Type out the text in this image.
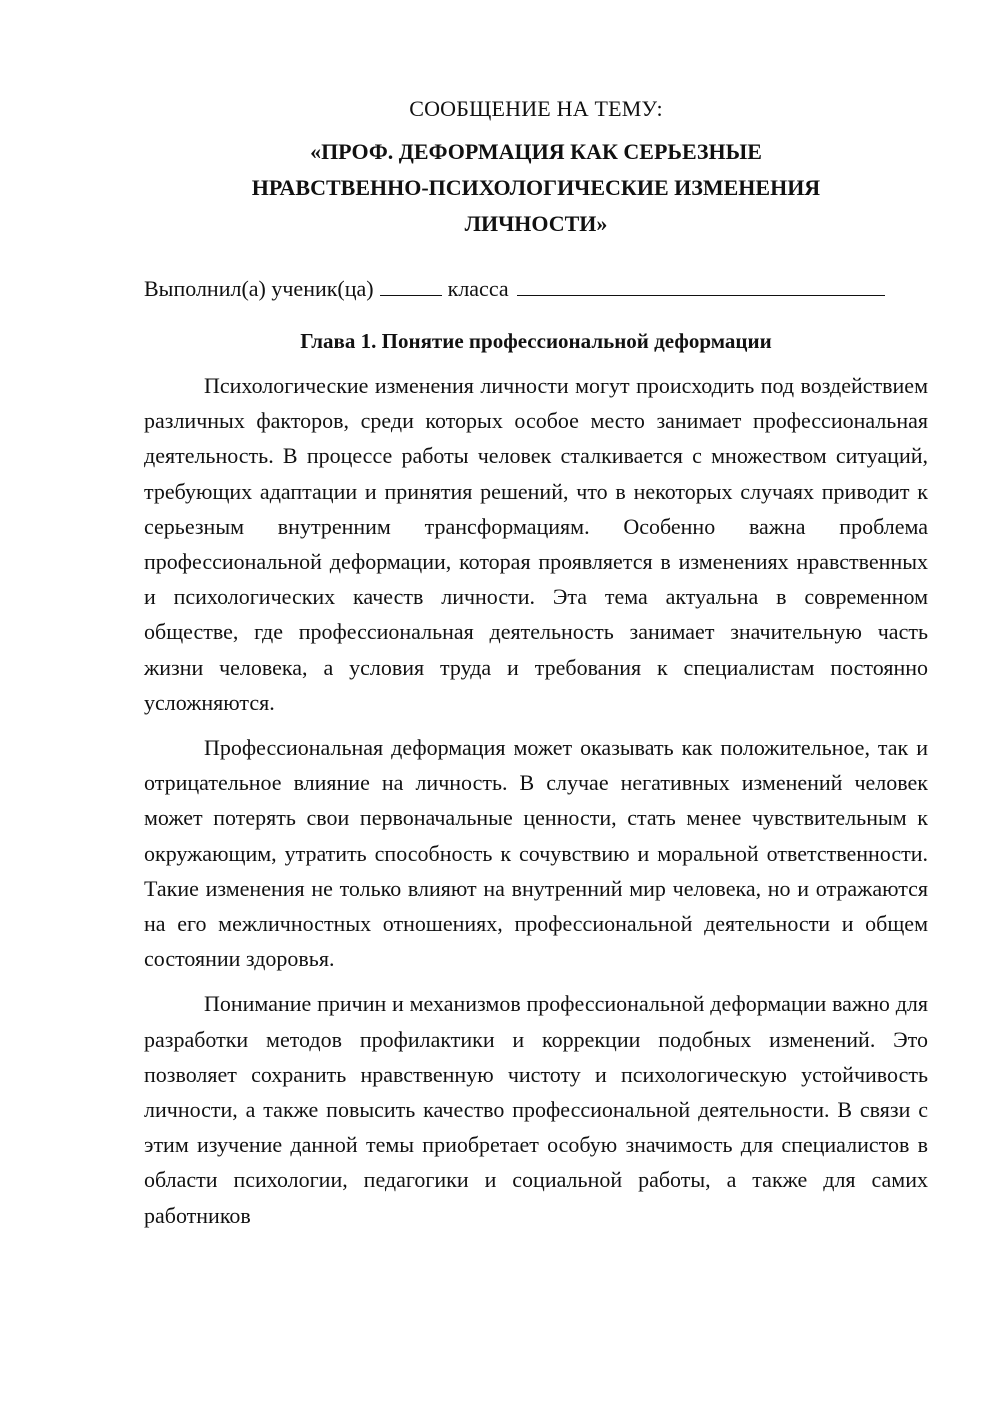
СООБЩЕНИЕ НА ТЕМУ:
«ПРОФ. ДЕФОРМАЦИЯ КАК СЕРЬЕЗНЫЕ
НРАВСТВЕННО-ПСИХОЛОГИЧЕСКИЕ ИЗМЕНЕНИЯ
ЛИЧНОСТИ»
Выполнил(а) ученик(ца)	класса
Глава 1. Понятие профессиональной деформации

Психологические изменения личности могут происходить под воздействием различных факторов, среди которых особое место занимает профессиональная деятельность. В процессе работы человек сталкивается с множеством ситуаций, требующих адаптации и принятия решений, что в некоторых случаях приводит к серьезным внутренним трансформациям. Особенно важна проблема профессиональной деформации, которая проявляется в изменениях нравственных и психологических качеств личности. Эта тема актуальна в современном обществе, где профессиональная деятельность занимает значительную часть жизни человека, а условия труда и требования к специалистам постоянно усложняются.

Профессиональная деформация может оказывать как положительное, так и отрицательное влияние на личность. В случае негативных изменений человек может потерять свои первоначальные ценности, стать менее чувствительным к окружающим, утратить способность к сочувствию и моральной ответственности. Такие изменения не только влияют на внутренний мир человека, но и отражаются на его межличностных отношениях, профессиональной деятельности и общем состоянии здоровья.

Понимание причин и механизмов профессиональной деформации важно для разработки методов профилактики и коррекции подобных изменений. Это позволяет сохранить нравственную чистоту и психологическую устойчивость личности, а также повысить качество профессиональной деятельности. В связи с этим изучение данной темы приобретает особую значимость для специалистов в области психологии, педагогики и социальной работы, а также для самих работников
